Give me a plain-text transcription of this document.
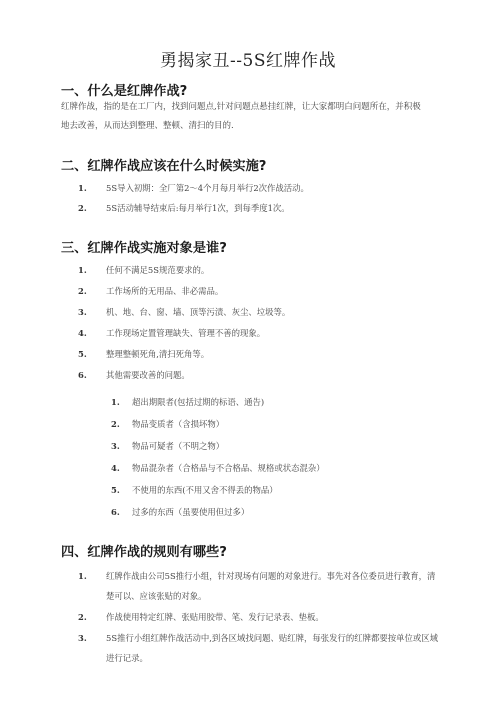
勇揭家丑--5S红牌作战
一、什么是红牌作战?
红牌作战，指的是在工厂内，找到问题点,针对问题点悬挂红牌，让大家都明白问题所在，并积极
地去改善，从而达到整理、整顿、清扫的目的.
二、红牌作战应该在什么时候实施?
1. 5S导入初期：全厂第2～4个月每月举行2次作战活动。
2. 5S活动辅导结束后:每月举行1次，到每季度1次。
三、红牌作战实施对象是谁?
1. 任何不满足5S规范要求的。
2. 工作场所的无用品、非必需品。
3. 机、地、台、窗、墙、顶等污渍、灰尘、垃圾等。
4. 工作现场定置管理缺失、管理不善的现象。
5. 整理整顿死角,清扫死角等。
6. 其他需要改善的问题。
1. 超出期限者(包括过期的标语、通告)
2. 物品变质者（含损坏物）
3. 物品可疑者（不明之物）
4. 物品混杂者（合格品与不合格品、规格或状态混杂）
5. 不使用的东西(不用又舍不得丢的物品）
6. 过多的东西（虽要使用但过多）
四、红牌作战的规则有哪些?
1. 红牌作战由公司5S推行小组，针对现场有问题的对象进行。事先对各位委员进行教育，清
楚可以、应该张贴的对象。
2. 作战使用特定红牌、张贴用胶带、笔、发行记录表、垫板。
3. 5S推行小组红牌作战活动中,到各区域找问题、贴红牌，每张发行的红牌都要按单位或区域
进行记录。
